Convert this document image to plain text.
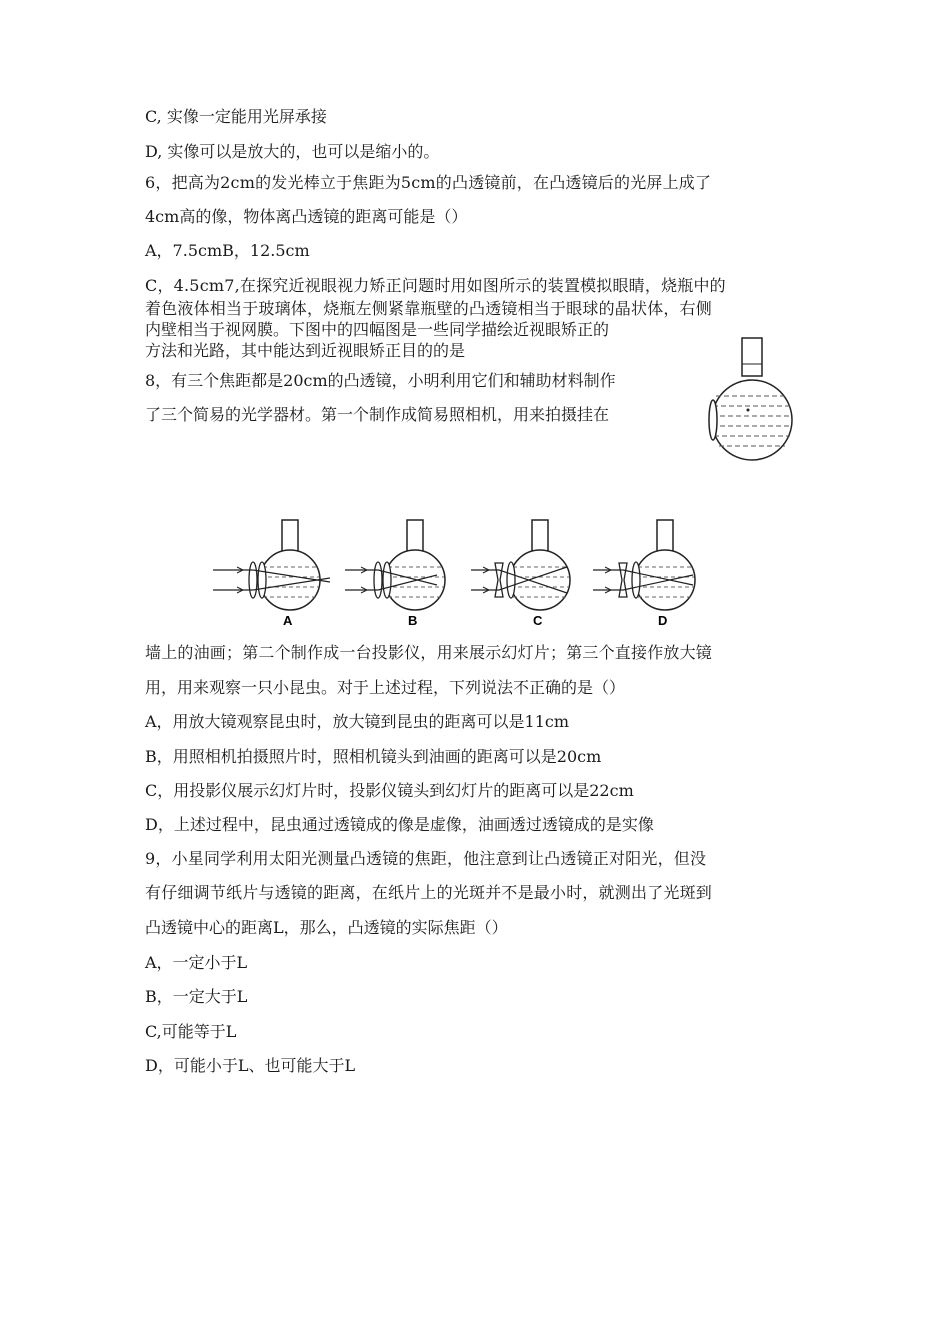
C, 实像一定能用光屏承接
D, 实像可以是放大的，也可以是缩小的。
6，把高为2cm的发光棒立于焦距为5cm的凸透镜前，在凸透镜后的光屏上成了
4cm高的像，物体离凸透镜的距离可能是（）
A，7.5cmB，12.5cm
C，4.5cm7,在探究近视眼视力矫正问题时用如图所示的装置模拟眼睛，烧瓶中的
着色液体相当于玻璃体，烧瓶左侧紧靠瓶壁的凸透镜相当于眼球的晶状体，右侧
内壁相当于视网膜。下图中的四幅图是一些同学描绘近视眼矫正的
方法和光路，其中能达到近视眼矫正目的的是
8，有三个焦距都是20cm的凸透镜，小明利用它们和辅助材料制作
了三个简易的光学器材。第一个制作成简易照相机，用来拍摄挂在
A	B	C	D
墙上的油画；第二个制作成一台投影仪，用来展示幻灯片；第三个直接作放大镜
用，用来观察一只小昆虫。对于上述过程，下列说法不正确的是（）
A，用放大镜观察昆虫时，放大镜到昆虫的距离可以是11cm
B，用照相机拍摄照片时，照相机镜头到油画的距离可以是20cm
C，用投影仪展示幻灯片时，投影仪镜头到幻灯片的距离可以是22cm
D，上述过程中，昆虫通过透镜成的像是虚像，油画透过透镜成的是实像
9，小星同学利用太阳光测量凸透镜的焦距，他注意到让凸透镜正对阳光，但没
有仔细调节纸片与透镜的距离，在纸片上的光斑并不是最小时，就测出了光斑到
凸透镜中心的距离L，那么，凸透镜的实际焦距（）
A，一定小于L
B，一定大于L
C,可能等于L
D，可能小于L、也可能大于L
